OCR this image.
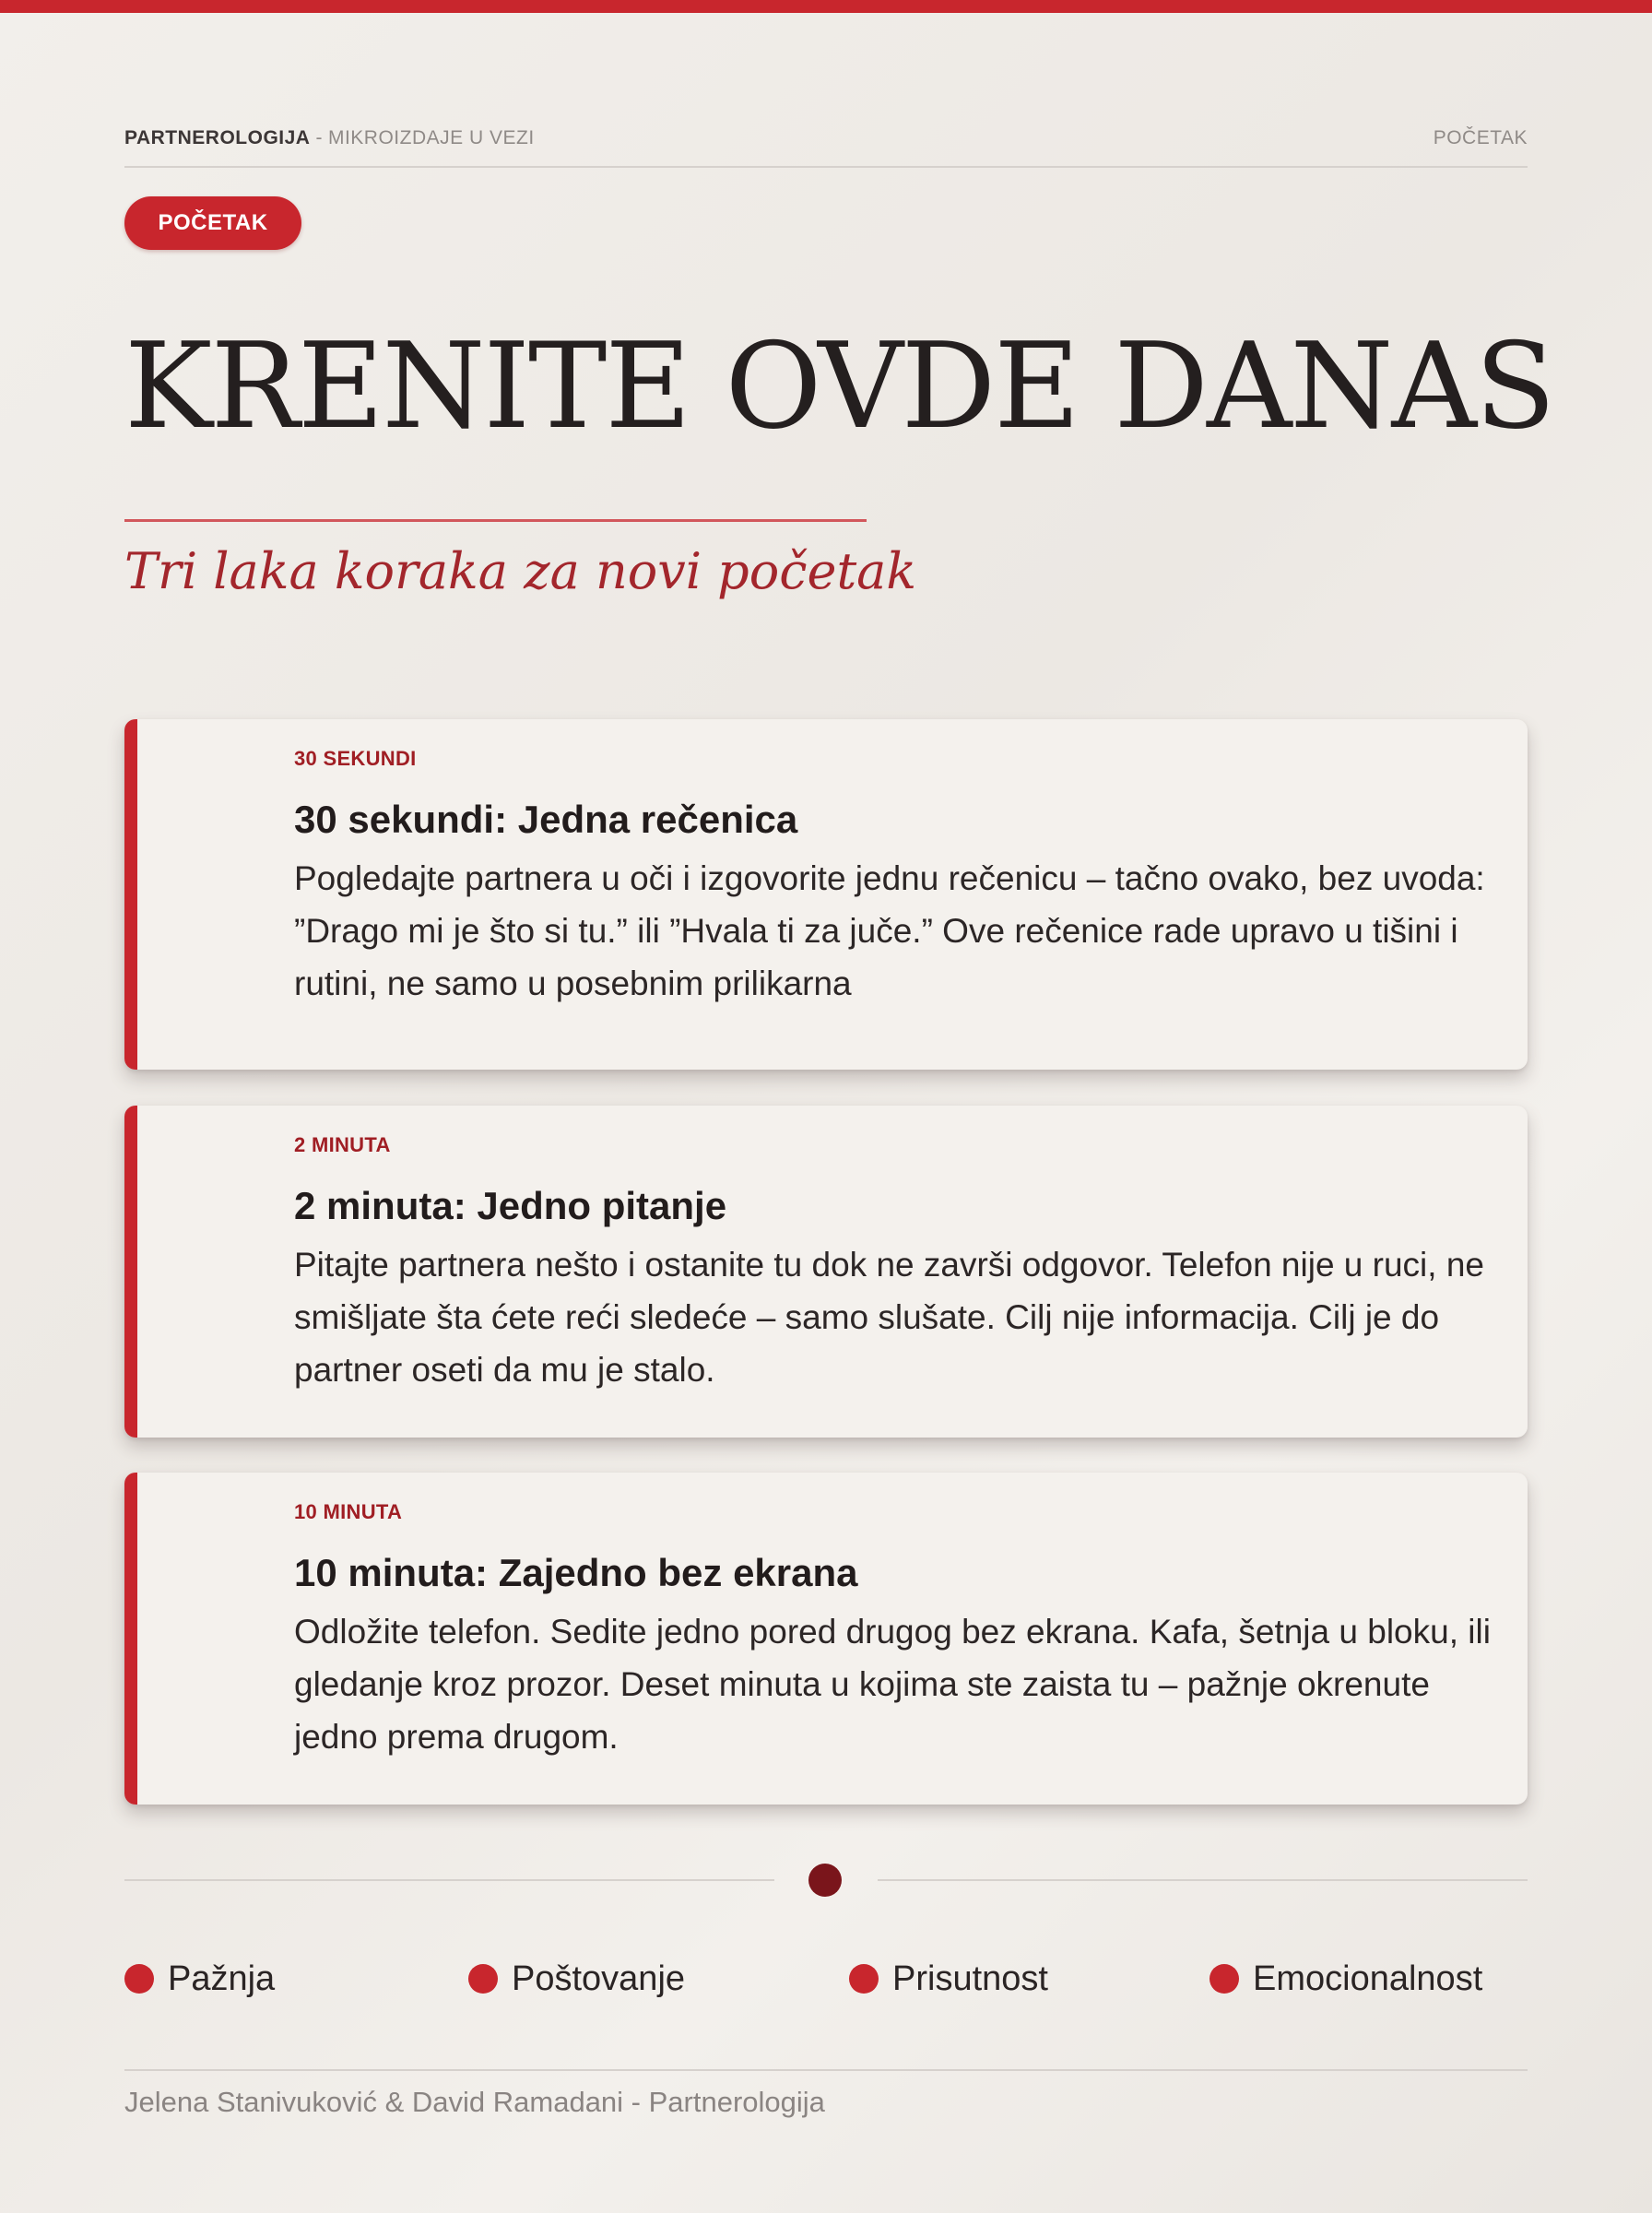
PARTNEROLOGIJA - MIKROIZDAJE U VEZI	POČETAK
POČETAK
KRENITE OVDE DANAS
Tri laka koraka za novi početak
30 SEKUNDI
30 sekundi: Jedna rečenica
Pogledajte partnera u oči i izgovorite jednu rečenicu – tačno ovako, bez uvoda: ”Drago mi je što si tu.” ili ”Hvala ti za juče.” Ove rečenice rade upravo u tišini i rutini, ne samo u posebnim prilikarna
2 MINUTA
2 minuta: Jedno pitanje
Pitajte partnera nešto i ostanite tu dok ne završi odgovor. Telefon nije u ruci, ne smišljate šta ćete reći sledeće – samo slušate. Cilj nije informacija. Cilj je do partner oseti da mu je stalo.
10 MINUTA
10 minuta: Zajedno bez ekrana
Odložite telefon. Sedite jedno pored drugog bez ekrana. Kafa, šetnja u bloku, ili gledanje kroz prozor. Deset minuta u kojima ste zaista tu – pažnje okrenute jedno prema drugom.
Pažnja	Poštovanje	Prisutnost	Emocionalnost
Jelena Stanivuković & David Ramadani - Partnerologija
